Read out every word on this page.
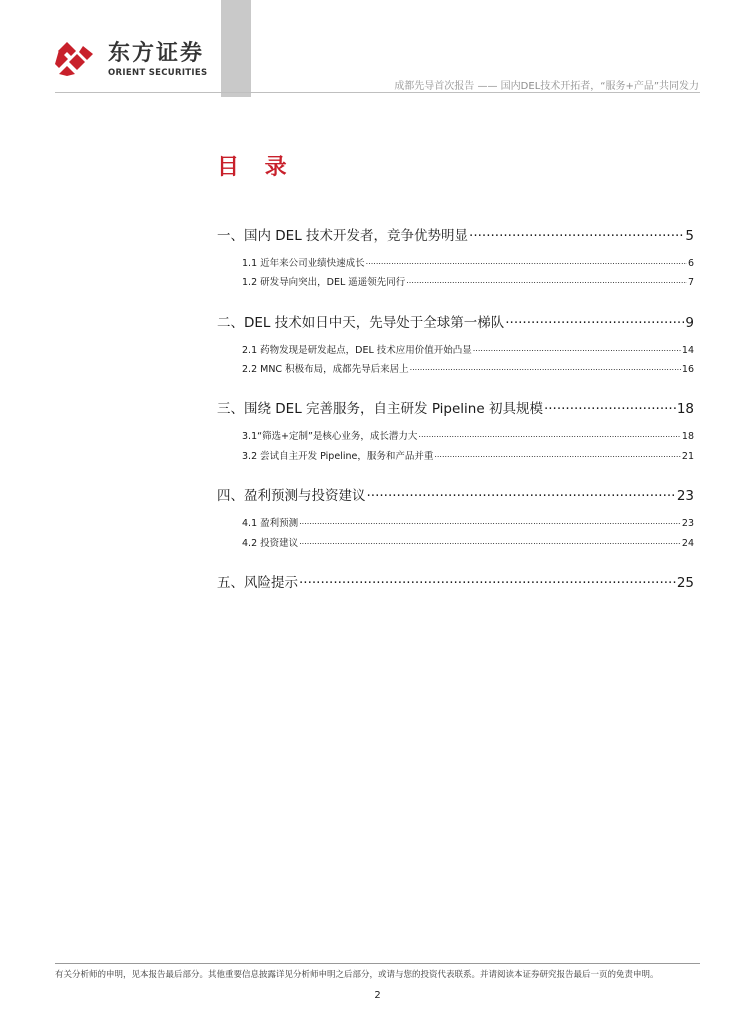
东方证券
ORIENT SECURITIES
成都先导首次报告 —— 国内DEL技术开拓者，“服务+产品”共同发力
目 录
一、国内 DEL 技术开发者，竞争优势明显 .....	5
1.1 近年来公司业绩快速成长 .....	6
1.2 研发导向突出，DEL 遥遥领先同行 .....	7
二、DEL 技术如日中天，先导处于全球第一梯队 .....	9
2.1 药物发现是研发起点，DEL 技术应用价值开始凸显 .....	14
2.2 MNC 积极布局，成都先导后来居上 .....	16
三、围绕 DEL 完善服务，自主研发 Pipeline 初具规模 .....	18
3.1“筛选+定制”是核心业务，成长潜力大 .....	18
3.2 尝试自主开发 Pipeline，服务和产品并重 .....	21
四、盈利预测与投资建议 .....	23
4.1 盈利预测 .....	23
4.2 投资建议 .....	24
五、风险提示 .....	25
有关分析师的申明，见本报告最后部分。其他重要信息披露详见分析师申明之后部分，或请与您的投资代表联系。并请阅读本证券研究报告最后一页的免责申明。
2
